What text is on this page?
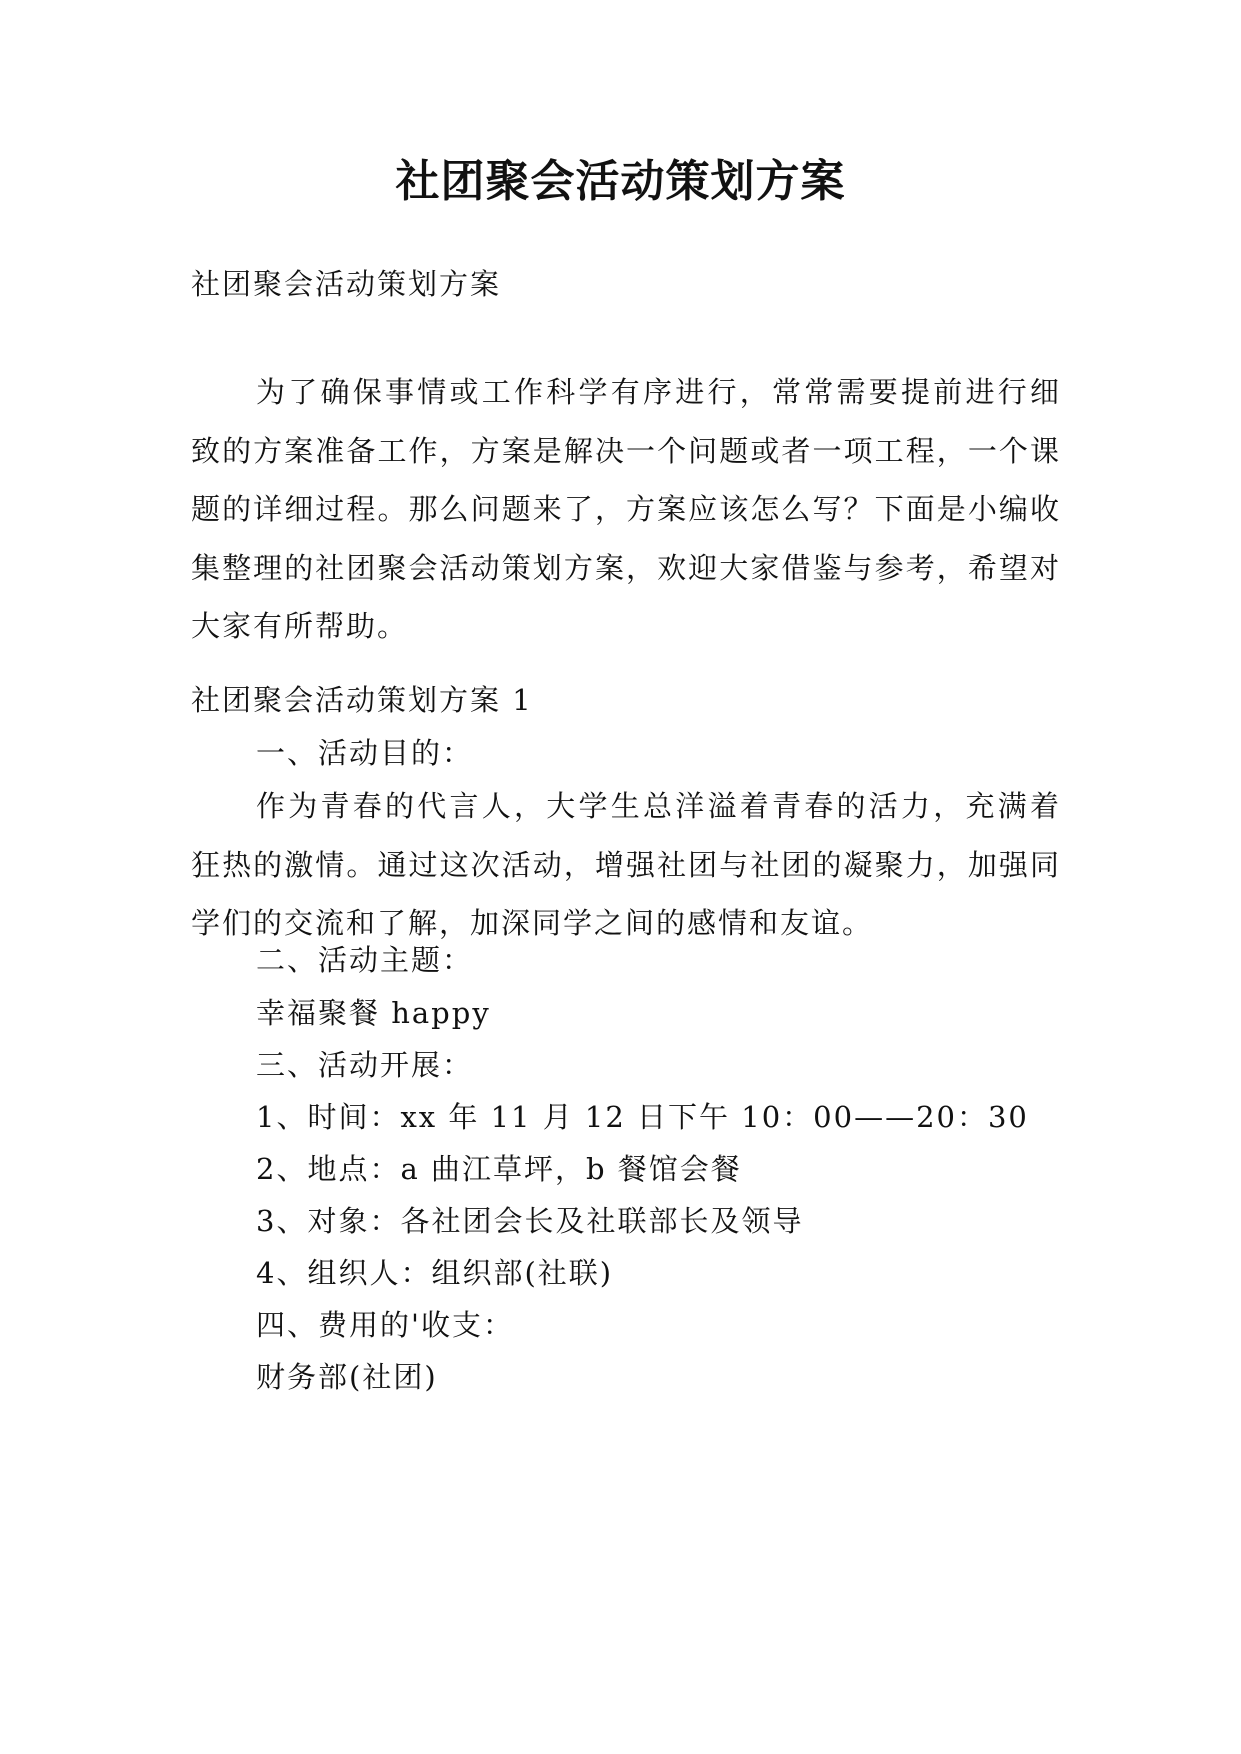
社团聚会活动策划方案
社团聚会活动策划方案

为了确保事情或工作科学有序进行，常常需要提前进行细致的方案准备工作，方案是解决一个问题或者一项工程，一个课题的详细过程。那么问题来了，方案应该怎么写？下面是小编收集整理的社团聚会活动策划方案，欢迎大家借鉴与参考，希望对大家有所帮助。

社团聚会活动策划方案 1
一、活动目的：

作为青春的代言人，大学生总洋溢着青春的活力，充满着狂热的激情。通过这次活动，增强社团与社团的凝聚力，加强同学们的交流和了解，加深同学之间的感情和友谊。

二、活动主题：
幸福聚餐 happy
三、活动开展：
1、时间：xx 年 11 月 12 日下午 10：00——20：30
2、地点：a 曲江草坪，b 餐馆会餐
3、对象：各社团会长及社联部长及领导
4、组织人：组织部(社联)
四、费用的'收支：
财务部(社团)
